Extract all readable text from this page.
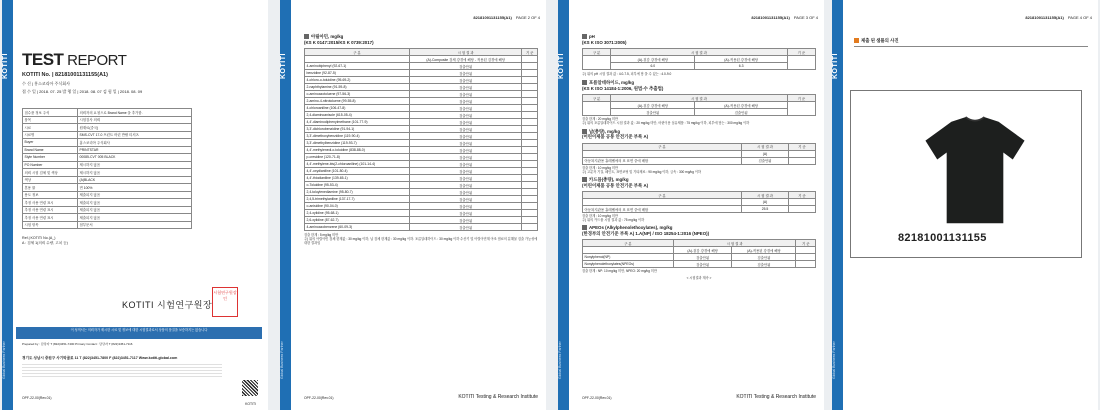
KOTITI
Global Business Partner
TEST REPORT
KOTITI No. | 82181001131155(A1)
수 신 | 홍스코리아 주식회사
접 수 일 | 2018. 07. 25 발 행 일 | 2018. 08. 07 검 험 일 | 2018. 08. 09
접수품 정보 주석	의뢰자의 요청으로 Brand Name 을 추가함.
품목	시험검사 의뢰
시료	원재료(중국)
시료명	SMS-CVT 17-0 프린트 어린 반팔 티셔츠
Buyer	홈스코리아 주식회사
Brand Name	PRINTSTAR
Style Number	00085-CVT 005 BLACK
PO Number	제시하지 않음
의뢰 시험 검체 및 색상	제시하지 않음
색상	(A)BLACK
혼용 률	면 100%
용도 정보	제출되지 않음
추정 사용 연령 표시	제출되지 않음
추정 사용 연령 표시	제출되지 않음
추정 사용 연령 표시	제출되지 않음
시험 항목	첨부문서
Ref.| KOTITI No.(A_)
A : 검체 1(의뢰 수량, 고치 등)
KOTITI 시험연구원장
시험연구원장인
이 성적서는 의뢰자가 제시한 시료 및 정보에 대한 시험결과로서 상품의 품질을 보증하지는 않습니다
Prepared by : 담당자 T (822)3451-7400 Primary Contact : 담당자 T (822)3451-7116
경기도 성남시 중원구 사기막골로 11 T (822)3451-7800 F (822)3451-7117 Www.kotiti-global.com
OPF-22-00(Rev.01)
KOTITI
KOTITI
Global Business Partner
82181001131155(A1) PAGE 2 OF 4
아릴아민, mg/kg
(KS K 0147:2015/KS K 0739:2017)
구 분	시 험 결 과	기 준
	(A)-Composite 검체 강경에 해당 - 적용된 검경에 해당	
4-aminobiphenyl (92-67-1)	검출안됨	
benzidine (92-87-5)	검출안됨	
4-chloro-o-toluidine (95-69-2)	검출안됨	
2-naphthylamine (91-59-8)	검출안됨	
o-aminoazotoluene (97-56-3)	검출안됨	
2-amino-4-nitrotoluene (99-55-8)	검출안됨	
4-chloroaniline (106-47-8)	검출안됨	
2,4-diaminoanisole (615-05-4)	검출안됨	
4,4'-diaminodiphenylmethane (101-77-9)	검출안됨	
3,3'-dichlorobenzidine (91-94-1)	검출안됨	
3,3'-dimethoxybenzidine (119-90-4)	검출안됨	
3,3'-dimethylbenzidine (119-93-7)	검출안됨	
4,4'-methylenedi-o-toluidine (838-88-0)	검출안됨	
p-cresidine (120-71-8)	검출안됨	
4,4'-methylene-bis(2-chloroaniline) (101-14-4)	검출안됨	
4,4'-oxydianiline (101-80-4)	검출안됨	
4,4'-thiodianiline (139-65-1)	검출안됨	
o-Toluidine (95-53-4)	검출안됨	
2,4-toluylenediamine (95-80-7)	검출안됨	
2,4,5-trimethylaniline (137-17-7)	검출안됨	
o-anisidine (90-04-0)	검출안됨	
2,4-xylidine (95-68-1)	검출안됨	
2,6-xylidine (87-62-7)	검출안됨	
4-aminoazobenzene (60-09-3)	검출안됨	
검출 한계 : 5 mg/kg 미만
주) 위의 아릴아민 검체 한계값 : 30 mg/kg 이하, 납 검체 한계값 : 30 mg/kg 이하. 포름알데하이드 : 30 mg/kg 이하 수산기 및 아릴아민계 아조 염료의 분해물 검출 가능성에 대한 결과임
OPF-22-00(Rev.01)	KOTITI Testing & Research Institute
KOTITI
Global Business Partner
82181001131155(A1) PAGE 3 OF 4
pH
(KS K ISO 3071:2005)
구 분	시 험 결 과		기 준
	(A)-겉감 강경에 해당	(A)-적용된 강경에 해당	
	6.0	6.3	
주) 위의 pH 시험 결과 값 : 4.0-7.5, 피부에 닿 을 수 있는 : 4.0-9.0
포름알데하이드, mg/kg
(KS K ISO 14184-1:2006, 원법-수 추출법)
구 분	시 험 결 과		기 준
	(A)-겉감 강경에 해당	(A)-적용된 강경에 해당	
	검출안됨	검출안됨	
검출 한계 : 20 mg/kg 미만
주) 위의 포름알데하이드 시험 결과 값 : 20 mg/kg 미만, 어린이용 섬유제품 : 75 mg/kg 이하, 피부에 닿는 : 300 mg/kg 이하
납(총량), mg/kg
(어린이제품 공통 안전기준 부록 A)
구 분	시 험 결 과	기 준
	(A)	
아동복지관용 홀레벨에의 표 표면 중에 배합	검출안됨	
검출 한계 : 10 mg/kg 미만
주) 고분자 기질, 페인트, 표면코팅 및 기타재료 : 90 mg/kg 이하, 금속 : 300 mg/kg 이하
카드뮴(총량), mg/kg
(어린이제품 공통 안전기준 부록 A)
구 분	시 험 결 과	기 준
	(A)	
아동복지관용 홀레벨에의 표 표면 중에 배합	25.5	
검출 한계 : 10 mg/kg 미만
주) 위의 카드뮴 시험 결과 값 : 75 mg/kg 이하
APEOs (Alkylphenolethoxylates), mg/kg
(한경부의 안전기준 부록 A) 1.A(NP) / ISO 18254-1:2016 (NPEO))
구 분	시 험 결 과		기 준
	(A)-겉감 강경에 해당	(A)-적용된 강경에 해당	
Nonylphenol(NP)	검출안됨	검출안됨	
Nonylphenolethoxylates(NPEOs)	검출안됨	검출안됨	
검출 한계 : NP: 10 mg/kg 미만, NPEO: 20 mg/kg 미만
< 시험결과 계속 >
OPF-22-00(Rev.01)	KOTITI Testing & Research Institute
KOTITI
Global Business Partner
82181001131155(A1) PAGE 4 OF 4
제출 된 샘플의 사진
82181001131155
